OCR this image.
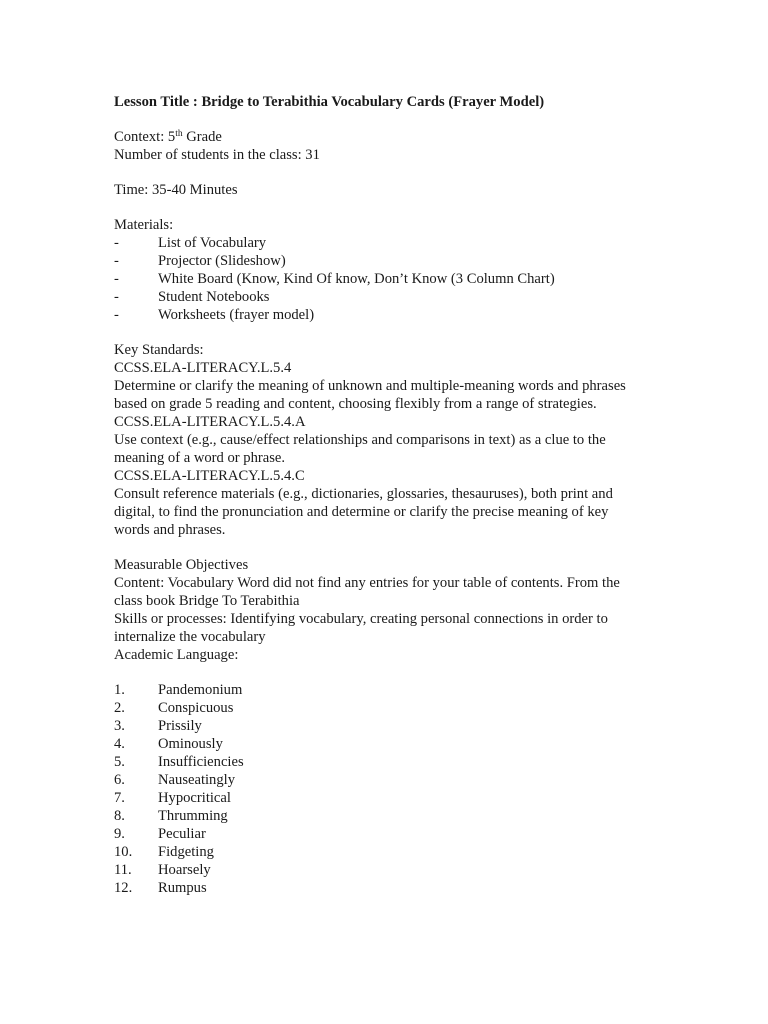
Lesson Title : Bridge to Terabithia Vocabulary Cards (Frayer Model)
Context: 5th Grade
Number of students in the class: 31
Time: 35-40 Minutes
Materials:
-	List of Vocabulary
-	Projector (Slideshow)
-	White Board (Know, Kind Of know, Don’t Know (3 Column Chart)
-	Student Notebooks
-	Worksheets (frayer model)
Key Standards:
CCSS.ELA-LITERACY.L.5.4
Determine or clarify the meaning of unknown and multiple-meaning words and phrases
based on grade 5 reading and content, choosing flexibly from a range of strategies.
CCSS.ELA-LITERACY.L.5.4.A
Use context (e.g., cause/effect relationships and comparisons in text) as a clue to the
meaning of a word or phrase.
CCSS.ELA-LITERACY.L.5.4.C
Consult reference materials (e.g., dictionaries, glossaries, thesauruses), both print and
digital, to find the pronunciation and determine or clarify the precise meaning of key
words and phrases.
Measurable Objectives
Content: Vocabulary Word did not find any entries for your table of contents. From the
class book Bridge To Terabithia
Skills or processes: Identifying vocabulary, creating personal connections in order to
internalize the vocabulary
Academic Language:
1.	Pandemonium
2.	Conspicuous
3.	Prissily
4.	Ominously
5.	Insufficiencies
6.	Nauseatingly
7.	Hypocritical
8.	Thrumming
9.	Peculiar
10.	Fidgeting
11.	Hoarsely
12.	Rumpus
